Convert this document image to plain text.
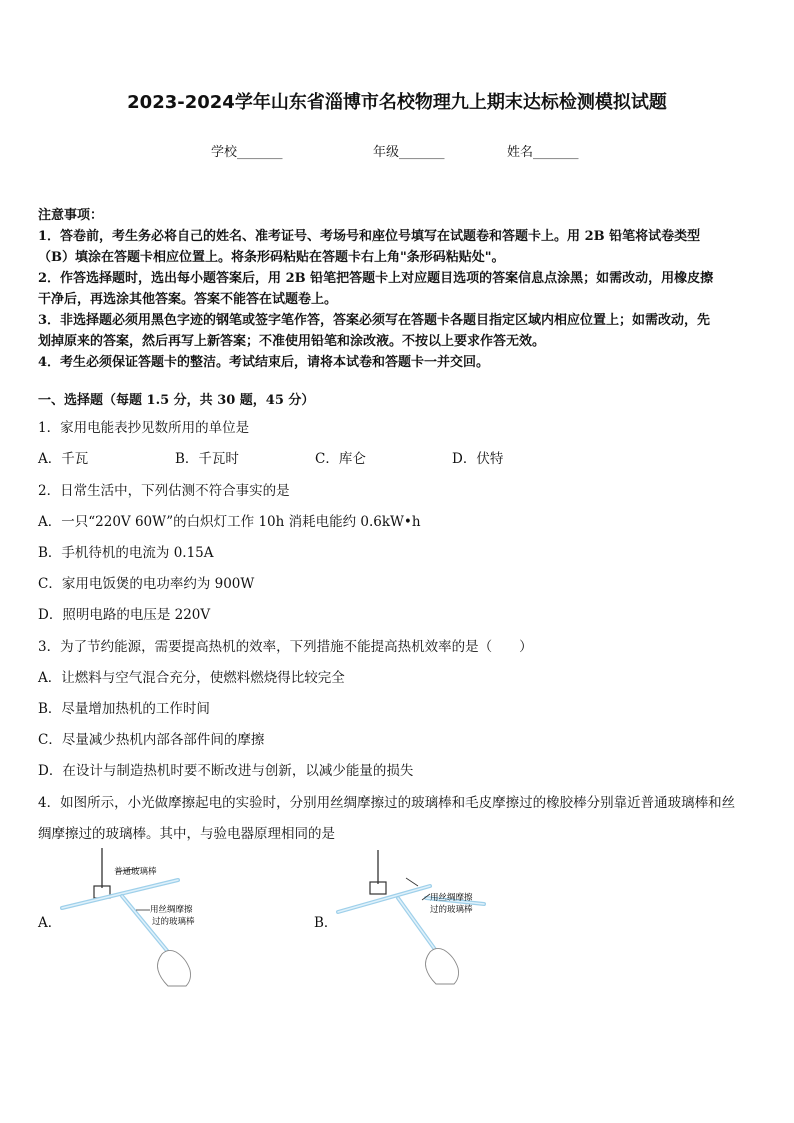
2023-2024学年山东省淄博市名校物理九上期末达标检测模拟试题
学校_______	年级_______	姓名_______
注意事项：
1．答卷前，考生务必将自己的姓名、准考证号、考场号和座位号填写在试题卷和答题卡上。用 2B 铅笔将试卷类型
（B）填涂在答题卡相应位置上。将条形码粘贴在答题卡右上角"条形码粘贴处"。
2．作答选择题时，选出每小题答案后，用 2B 铅笔把答题卡上对应题目选项的答案信息点涂黑；如需改动，用橡皮擦
干净后，再选涂其他答案。答案不能答在试题卷上。
3．非选择题必须用黑色字迹的钢笔或签字笔作答，答案必须写在答题卡各题目指定区域内相应位置上；如需改动，先
划掉原来的答案，然后再写上新答案；不准使用铅笔和涂改液。不按以上要求作答无效。
4．考生必须保证答题卡的整洁。考试结束后，请将本试卷和答题卡一并交回。
一、选择题（每题 1.5 分，共 30 题，45 分）
1．家用电能表抄见数所用的单位是
A．千瓦	B．千瓦时	C．库仑	D．伏特
2．日常生活中，下列估测不符合事实的是
A．一只“220V 60W”的白炽灯工作 10h 消耗电能约 0.6kW•h
B．手机待机的电流为 0.15A
C．家用电饭煲的电功率约为 900W
D．照明电路的电压是 220V
3．为了节约能源，需要提高热机的效率，下列措施不能提高热机效率的是（　　）
A．让燃料与空气混合充分，使燃料燃烧得比较完全
B．尽量增加热机的工作时间
C．尽量减少热机内部各部件间的摩擦
D．在设计与制造热机时要不断改进与创新，以减少能量的损失
4．如图所示，小光做摩擦起电的实验时，分别用丝绸摩擦过的玻璃棒和毛皮摩擦过的橡胶棒分别靠近普通玻璃棒和丝
绸摩擦过的玻璃棒。其中，与验电器原理相同的是
A．
普通玻璃棒
用丝绸摩擦
过的玻璃棒	B．
用丝绸摩擦
过的玻璃棒
